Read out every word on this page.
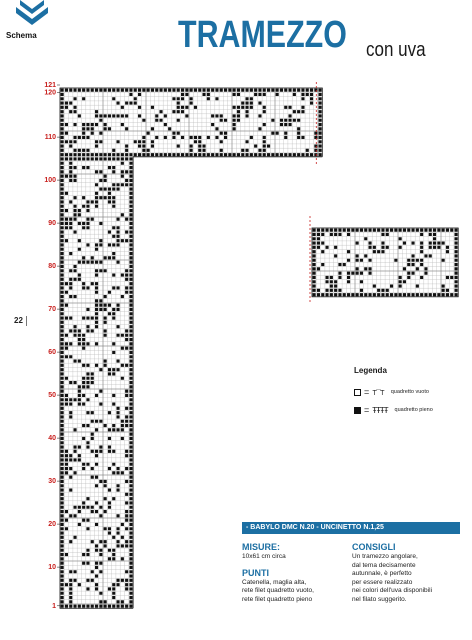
Schema	TRAMEZZO con uva
22
1
10
20
30
40
50
60
70
80
90
100
110
120
121
Legenda
= ⊤‾⊤ quadretto vuoto
= ŦŦŦŦ quadretto pieno
- BABYLO DMC N.20 - UNCINETTO N.1,25

MISURE:

10x61 cm circa

PUNTI

Catenella, maglia alta,

rete filet quadretto vuoto,

rete filet quadretto pieno

CONSIGLI

Un tramezzo angolare,

dal tema decisamente

autunnale, è perfetto

per essere realizzato

nei colori dell'uva disponibili

nel filato suggerito.
